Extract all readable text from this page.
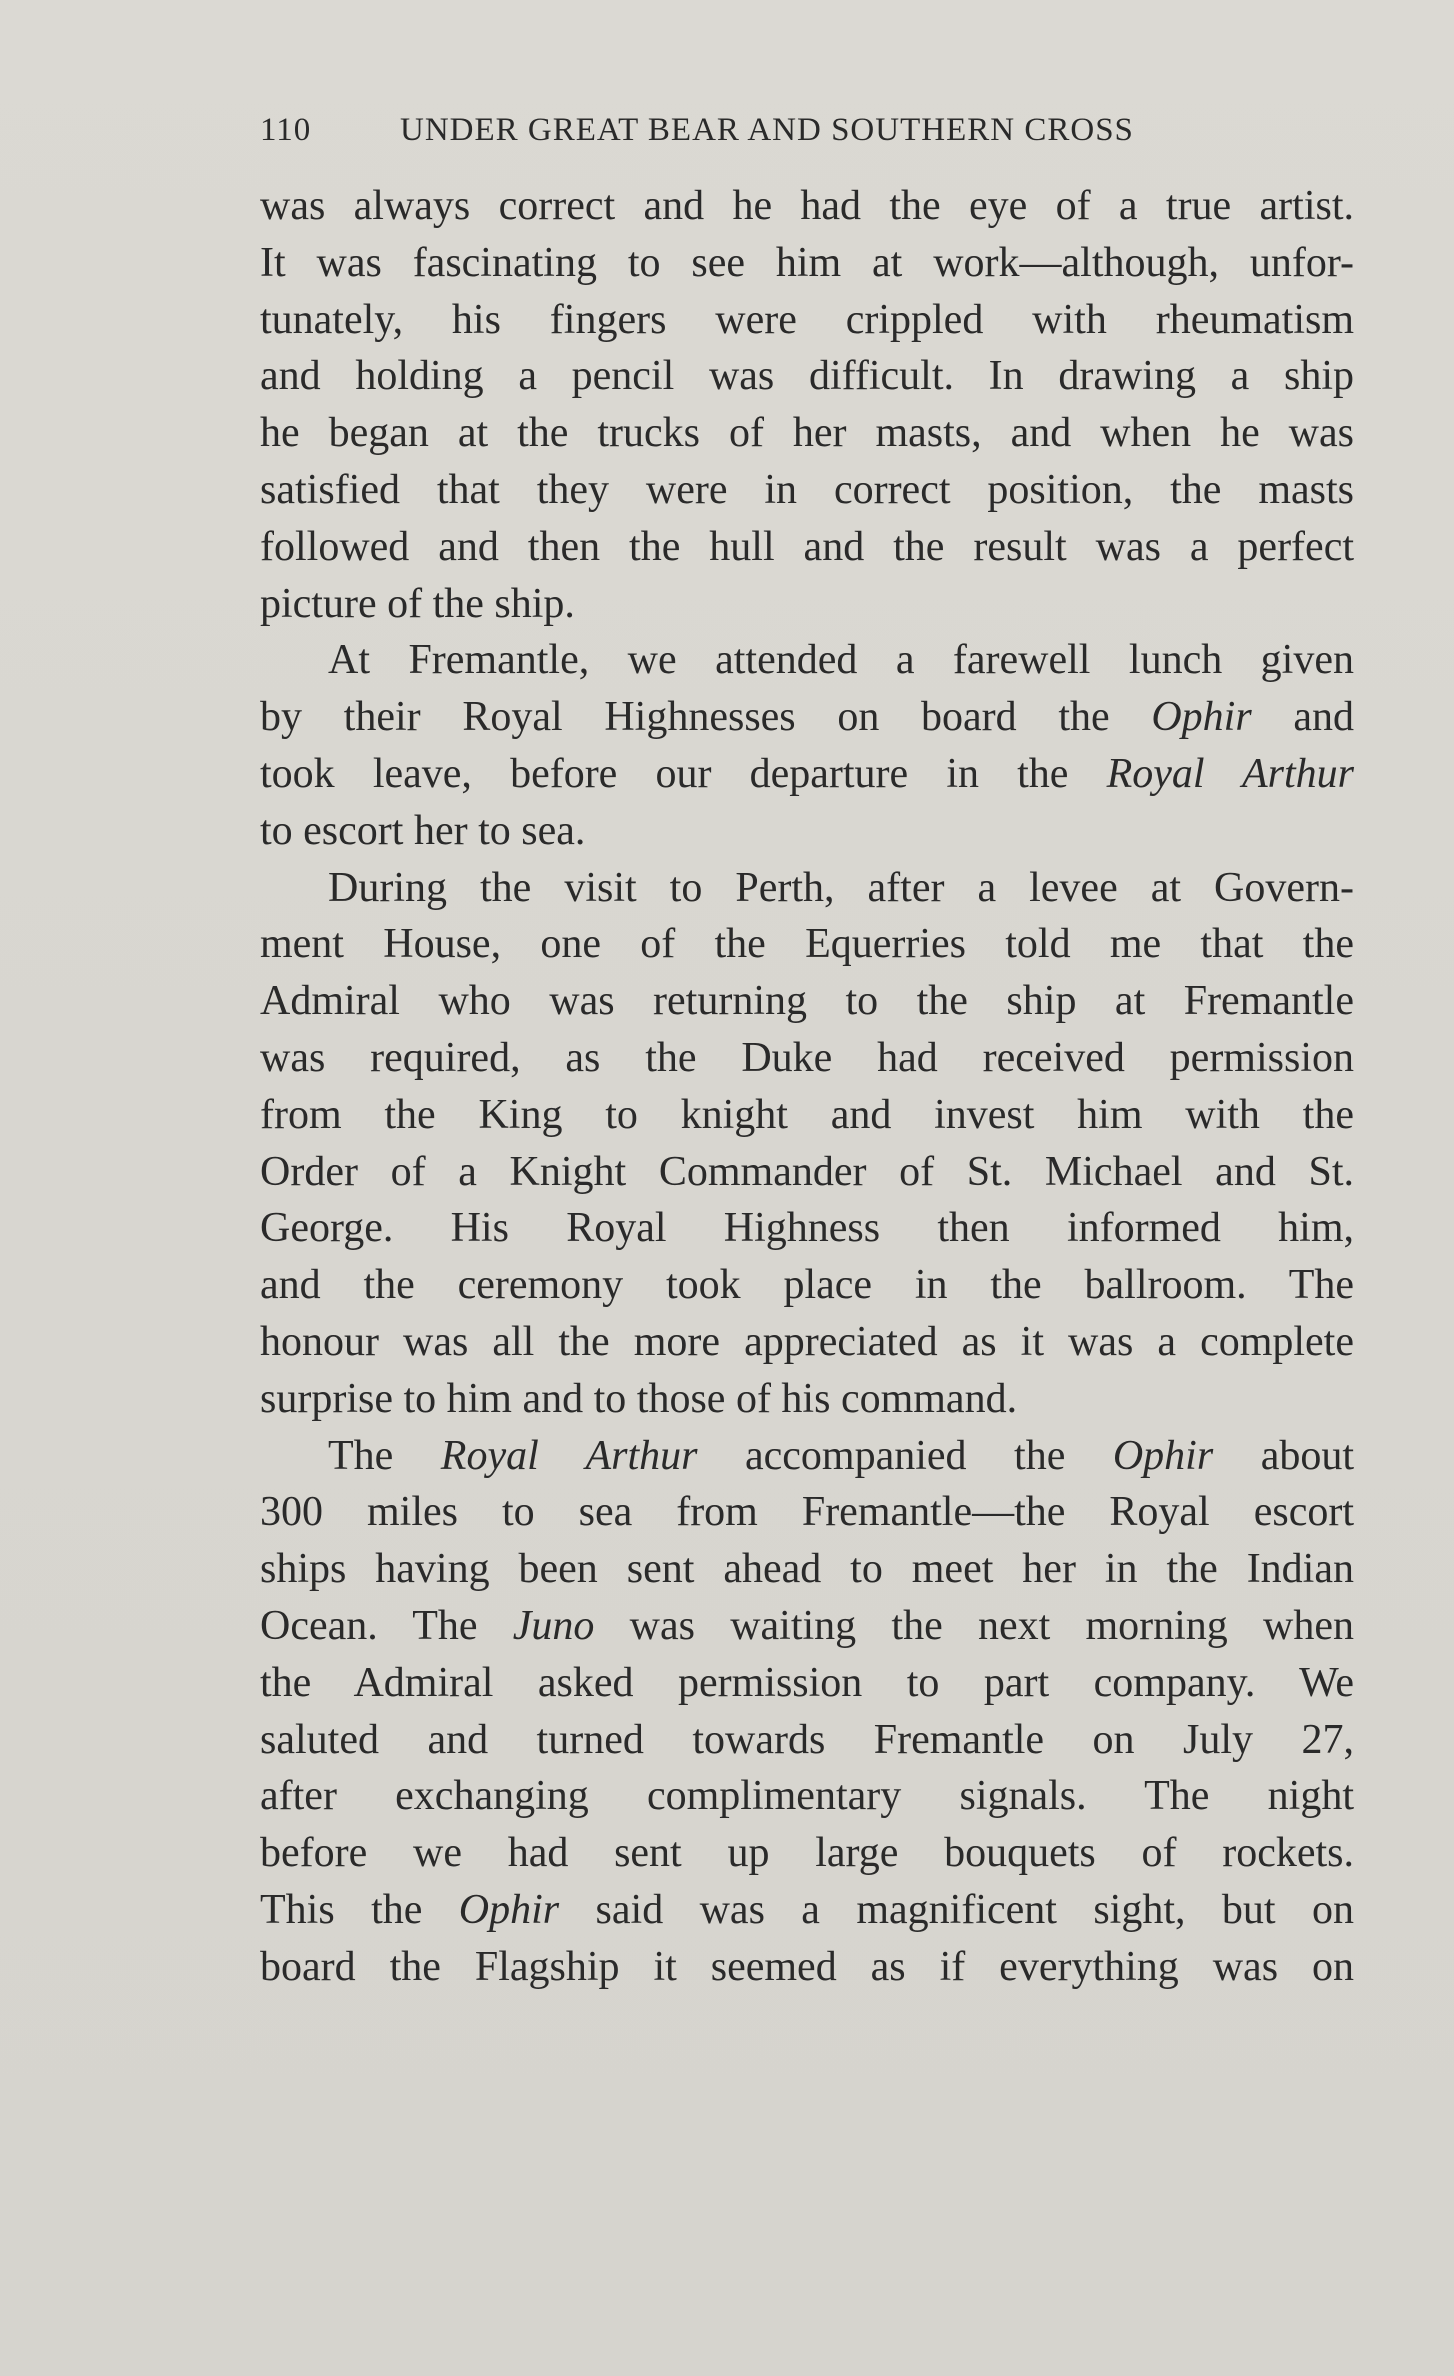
110	UNDER GREAT BEAR AND SOUTHERN CROSS
was always correct and he had the eye of a true artist.
It was fascinating to see him at work—although, unfor-
tunately, his fingers were crippled with rheumatism
and holding a pencil was difficult. In drawing a ship
he began at the trucks of her masts, and when he was
satisfied that they were in correct position, the masts
followed and then the hull and the result was a perfect
picture of the ship.
At Fremantle, we attended a farewell lunch given
by their Royal Highnesses on board the Ophir and
took leave, before our departure in the Royal Arthur
to escort her to sea.
During the visit to Perth, after a levee at Govern-
ment House, one of the Equerries told me that the
Admiral who was returning to the ship at Fremantle
was required, as the Duke had received permission
from the King to knight and invest him with the
Order of a Knight Commander of St. Michael and St.
George. His Royal Highness then informed him,
and the ceremony took place in the ballroom. The
honour was all the more appreciated as it was a complete
surprise to him and to those of his command.
The Royal Arthur accompanied the Ophir about
300 miles to sea from Fremantle—the Royal escort
ships having been sent ahead to meet her in the Indian
Ocean. The Juno was waiting the next morning when
the Admiral asked permission to part company. We
saluted and turned towards Fremantle on July 27,
after exchanging complimentary signals. The night
before we had sent up large bouquets of rockets.
This the Ophir said was a magnificent sight, but on
board the Flagship it seemed as if everything was on
